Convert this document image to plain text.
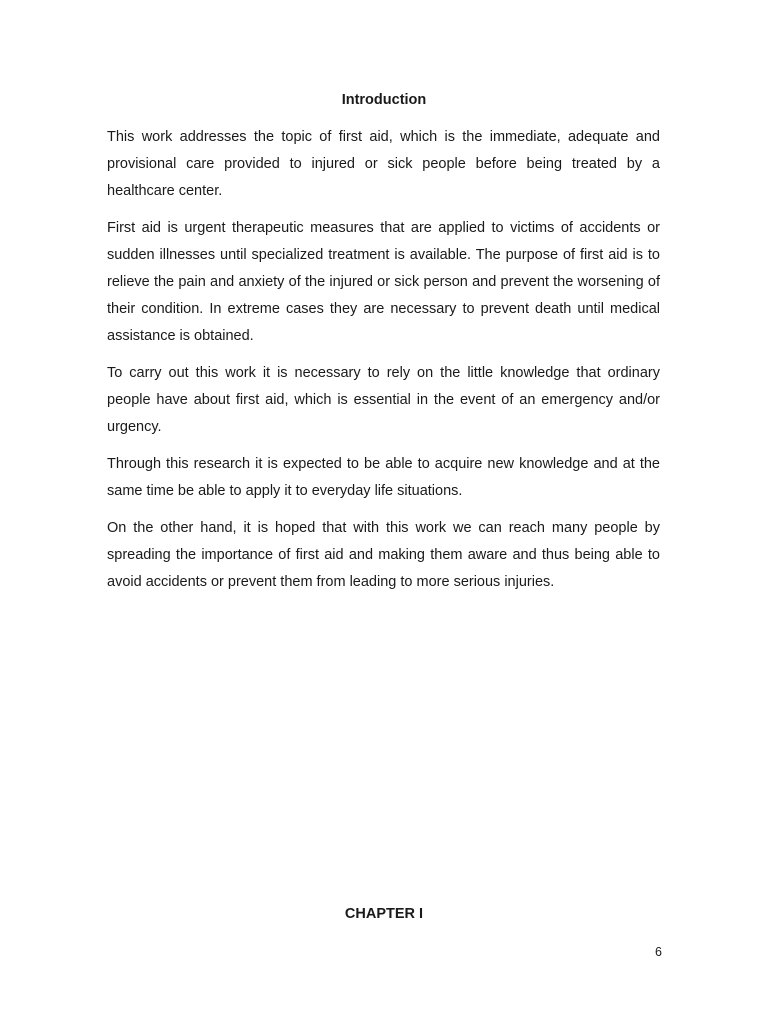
Introduction

This work addresses the topic of first aid, which is the immediate, adequate and provisional care provided to injured or sick people before being treated by a healthcare center.

First aid is urgent therapeutic measures that are applied to victims of accidents or sudden illnesses until specialized treatment is available. The purpose of first aid is to relieve the pain and anxiety of the injured or sick person and prevent the worsening of their condition. In extreme cases they are necessary to prevent death until medical assistance is obtained.

To carry out this work it is necessary to rely on the little knowledge that ordinary people have about first aid, which is essential in the event of an emergency and/or urgency.

Through this research it is expected to be able to acquire new knowledge and at the same time be able to apply it to everyday life situations.

On the other hand, it is hoped that with this work we can reach many people by spreading the importance of first aid and making them aware and thus being able to avoid accidents or prevent them from leading to more serious injuries.

CHAPTER I
6
